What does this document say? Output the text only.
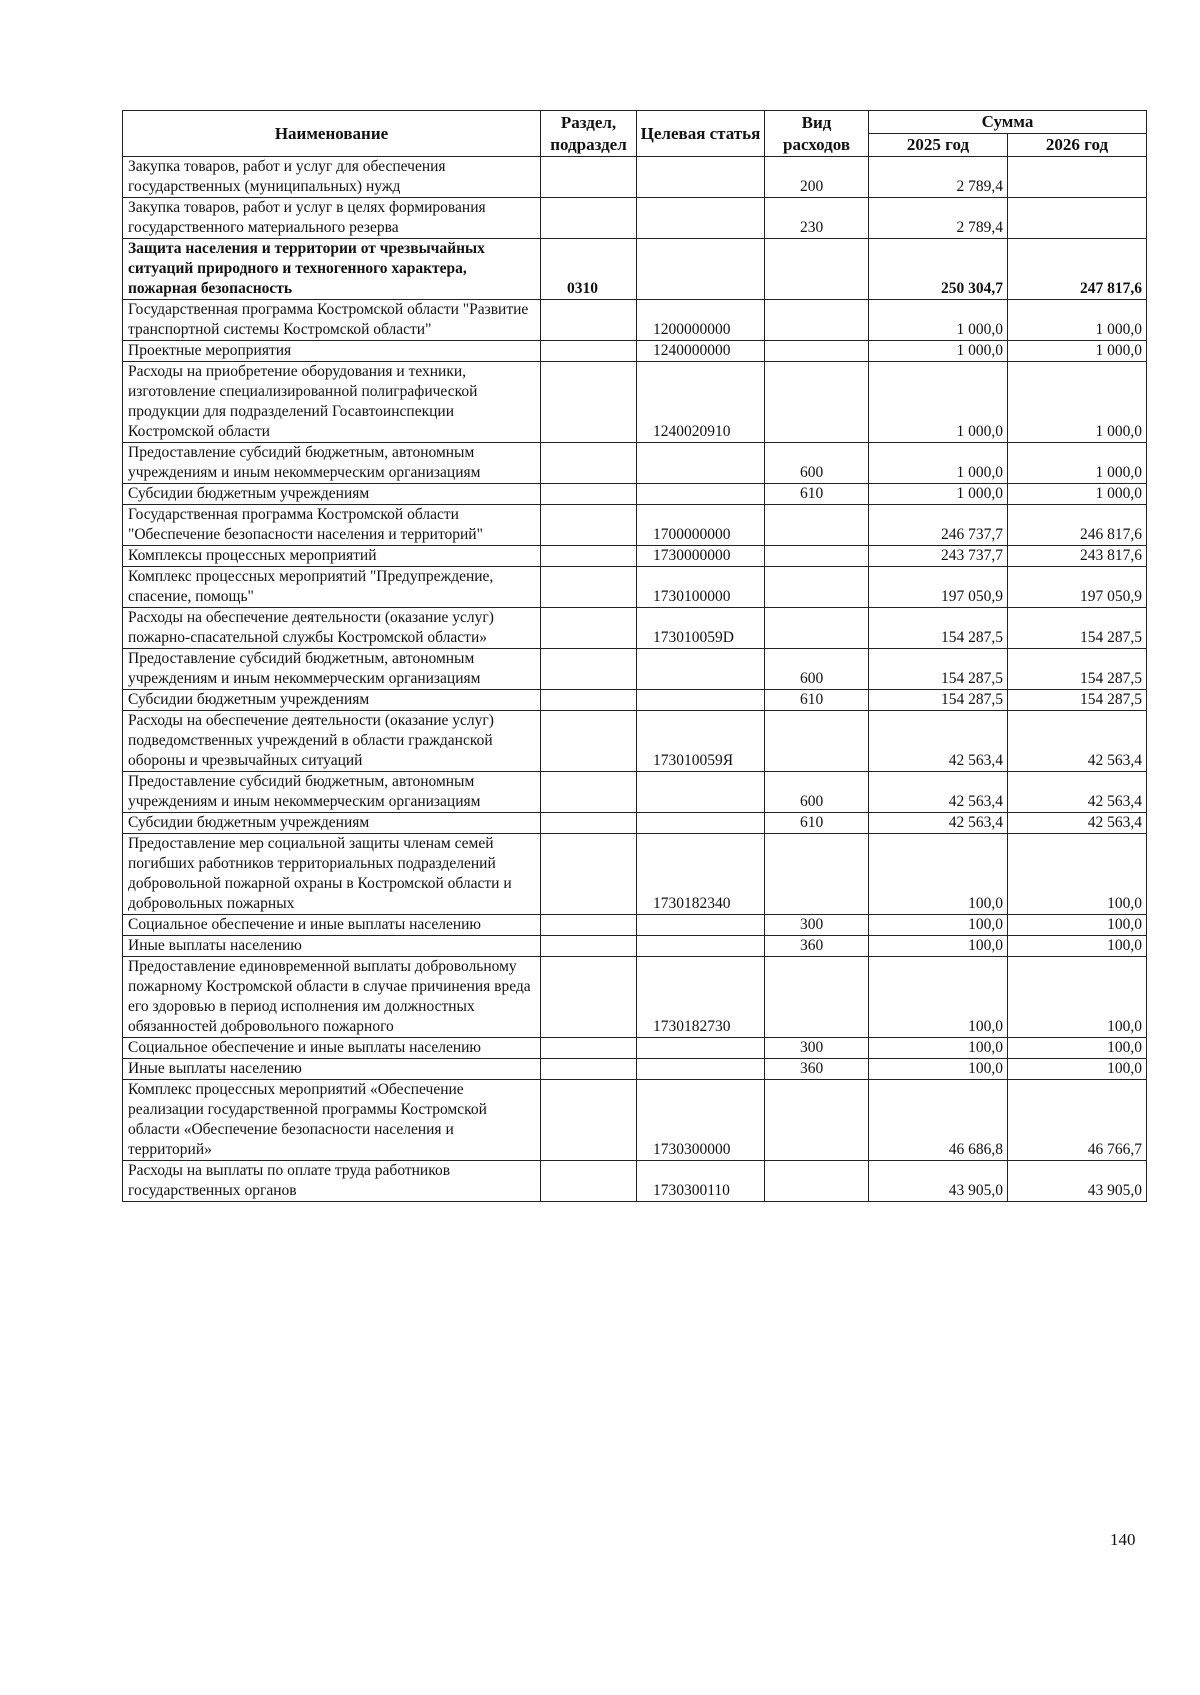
Наименование	Раздел, подраздел	Целевая статья	Вид расходов	Сумма	
				2025 год	2026 год
Закупка товаров, работ и услуг для обеспечения государственных (муниципальных) нужд			200	2 789,4	
Закупка товаров, работ и услуг в целях формирования государственного материального резерва			230	2 789,4	
Защита населения и территории от чрезвычайных ситуаций природного и техногенного характера, пожарная безопасность	0310			250 304,7	247 817,6
Государственная программа Костромской области "Развитие транспортной системы Костромской области"		1200000000		1 000,0	1 000,0
Проектные мероприятия		1240000000		1 000,0	1 000,0
Расходы на приобретение оборудования и техники, изготовление специализированной полиграфической продукции для подразделений Госавтоинспекции Костромской области		1240020910		1 000,0	1 000,0
Предоставление субсидий бюджетным, автономным учреждениям и иным некоммерческим организациям			600	1 000,0	1 000,0
Субсидии бюджетным учреждениям			610	1 000,0	1 000,0
Государственная программа Костромской области "Обеспечение безопасности населения и территорий"		1700000000		246 737,7	246 817,6
Комплексы процессных мероприятий		1730000000		243 737,7	243 817,6
Комплекс процессных мероприятий "Предупреждение, спасение, помощь"		1730100000		197 050,9	197 050,9
Расходы на обеспечение деятельности (оказание услуг) пожарно-спасательной службы Костромской области»		173010059D		154 287,5	154 287,5
Предоставление субсидий бюджетным, автономным учреждениям и иным некоммерческим организациям			600	154 287,5	154 287,5
Субсидии бюджетным учреждениям			610	154 287,5	154 287,5
Расходы на обеспечение деятельности (оказание услуг) подведомственных учреждений в области гражданской обороны и чрезвычайных ситуаций		173010059Я		42 563,4	42 563,4
Предоставление субсидий бюджетным, автономным учреждениям и иным некоммерческим организациям			600	42 563,4	42 563,4
Субсидии бюджетным учреждениям			610	42 563,4	42 563,4
Предоставление мер социальной защиты членам семей погибших работников территориальных подразделений добровольной пожарной охраны в Костромской области и добровольных пожарных		1730182340		100,0	100,0
Социальное обеспечение и иные выплаты населению			300	100,0	100,0
Иные выплаты населению			360	100,0	100,0
Предоставление единовременной выплаты добровольному пожарному Костромской области в случае причинения вреда его здоровью в период исполнения им должностных обязанностей добровольного пожарного		1730182730		100,0	100,0
Социальное обеспечение и иные выплаты населению			300	100,0	100,0
Иные выплаты населению			360	100,0	100,0
Комплекс процессных мероприятий «Обеспечение реализации государственной программы Костромской области «Обеспечение безопасности населения и территорий»		1730300000		46 686,8	46 766,7
Расходы на выплаты по оплате труда работников государственных органов		1730300110		43 905,0	43 905,0
140
